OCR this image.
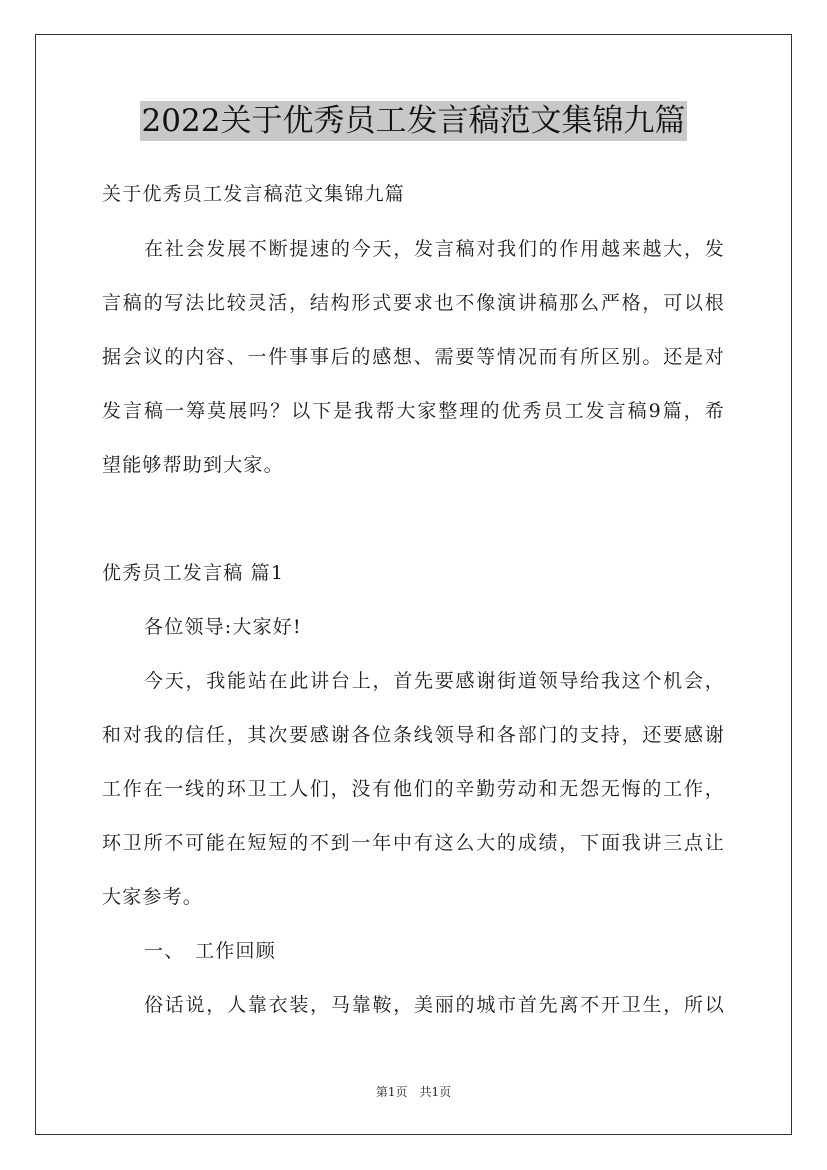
2022关于优秀员工发言稿范文集锦九篇
关于优秀员工发言稿范文集锦九篇
在社会发展不断提速的今天，发言稿对我们的作用越来越大，发
言稿的写法比较灵活，结构形式要求也不像演讲稿那么严格，可以根
据会议的内容、一件事事后的感想、需要等情况而有所区别。还是对
发言稿一筹莫展吗？以下是我帮大家整理的优秀员工发言稿9篇，希
望能够帮助到大家。
优秀员工发言稿 篇1
各位领导:大家好!
今天，我能站在此讲台上，首先要感谢街道领导给我这个机会，
和对我的信任，其次要感谢各位条线领导和各部门的支持，还要感谢
工作在一线的环卫工人们，没有他们的辛勤劳动和无怨无悔的工作，
环卫所不可能在短短的不到一年中有这么大的成绩，下面我讲三点让
大家参考。
一、　工作回顾
俗话说，人靠衣装，马靠鞍，美丽的城市首先离不开卫生，所以
第1页　共1页
